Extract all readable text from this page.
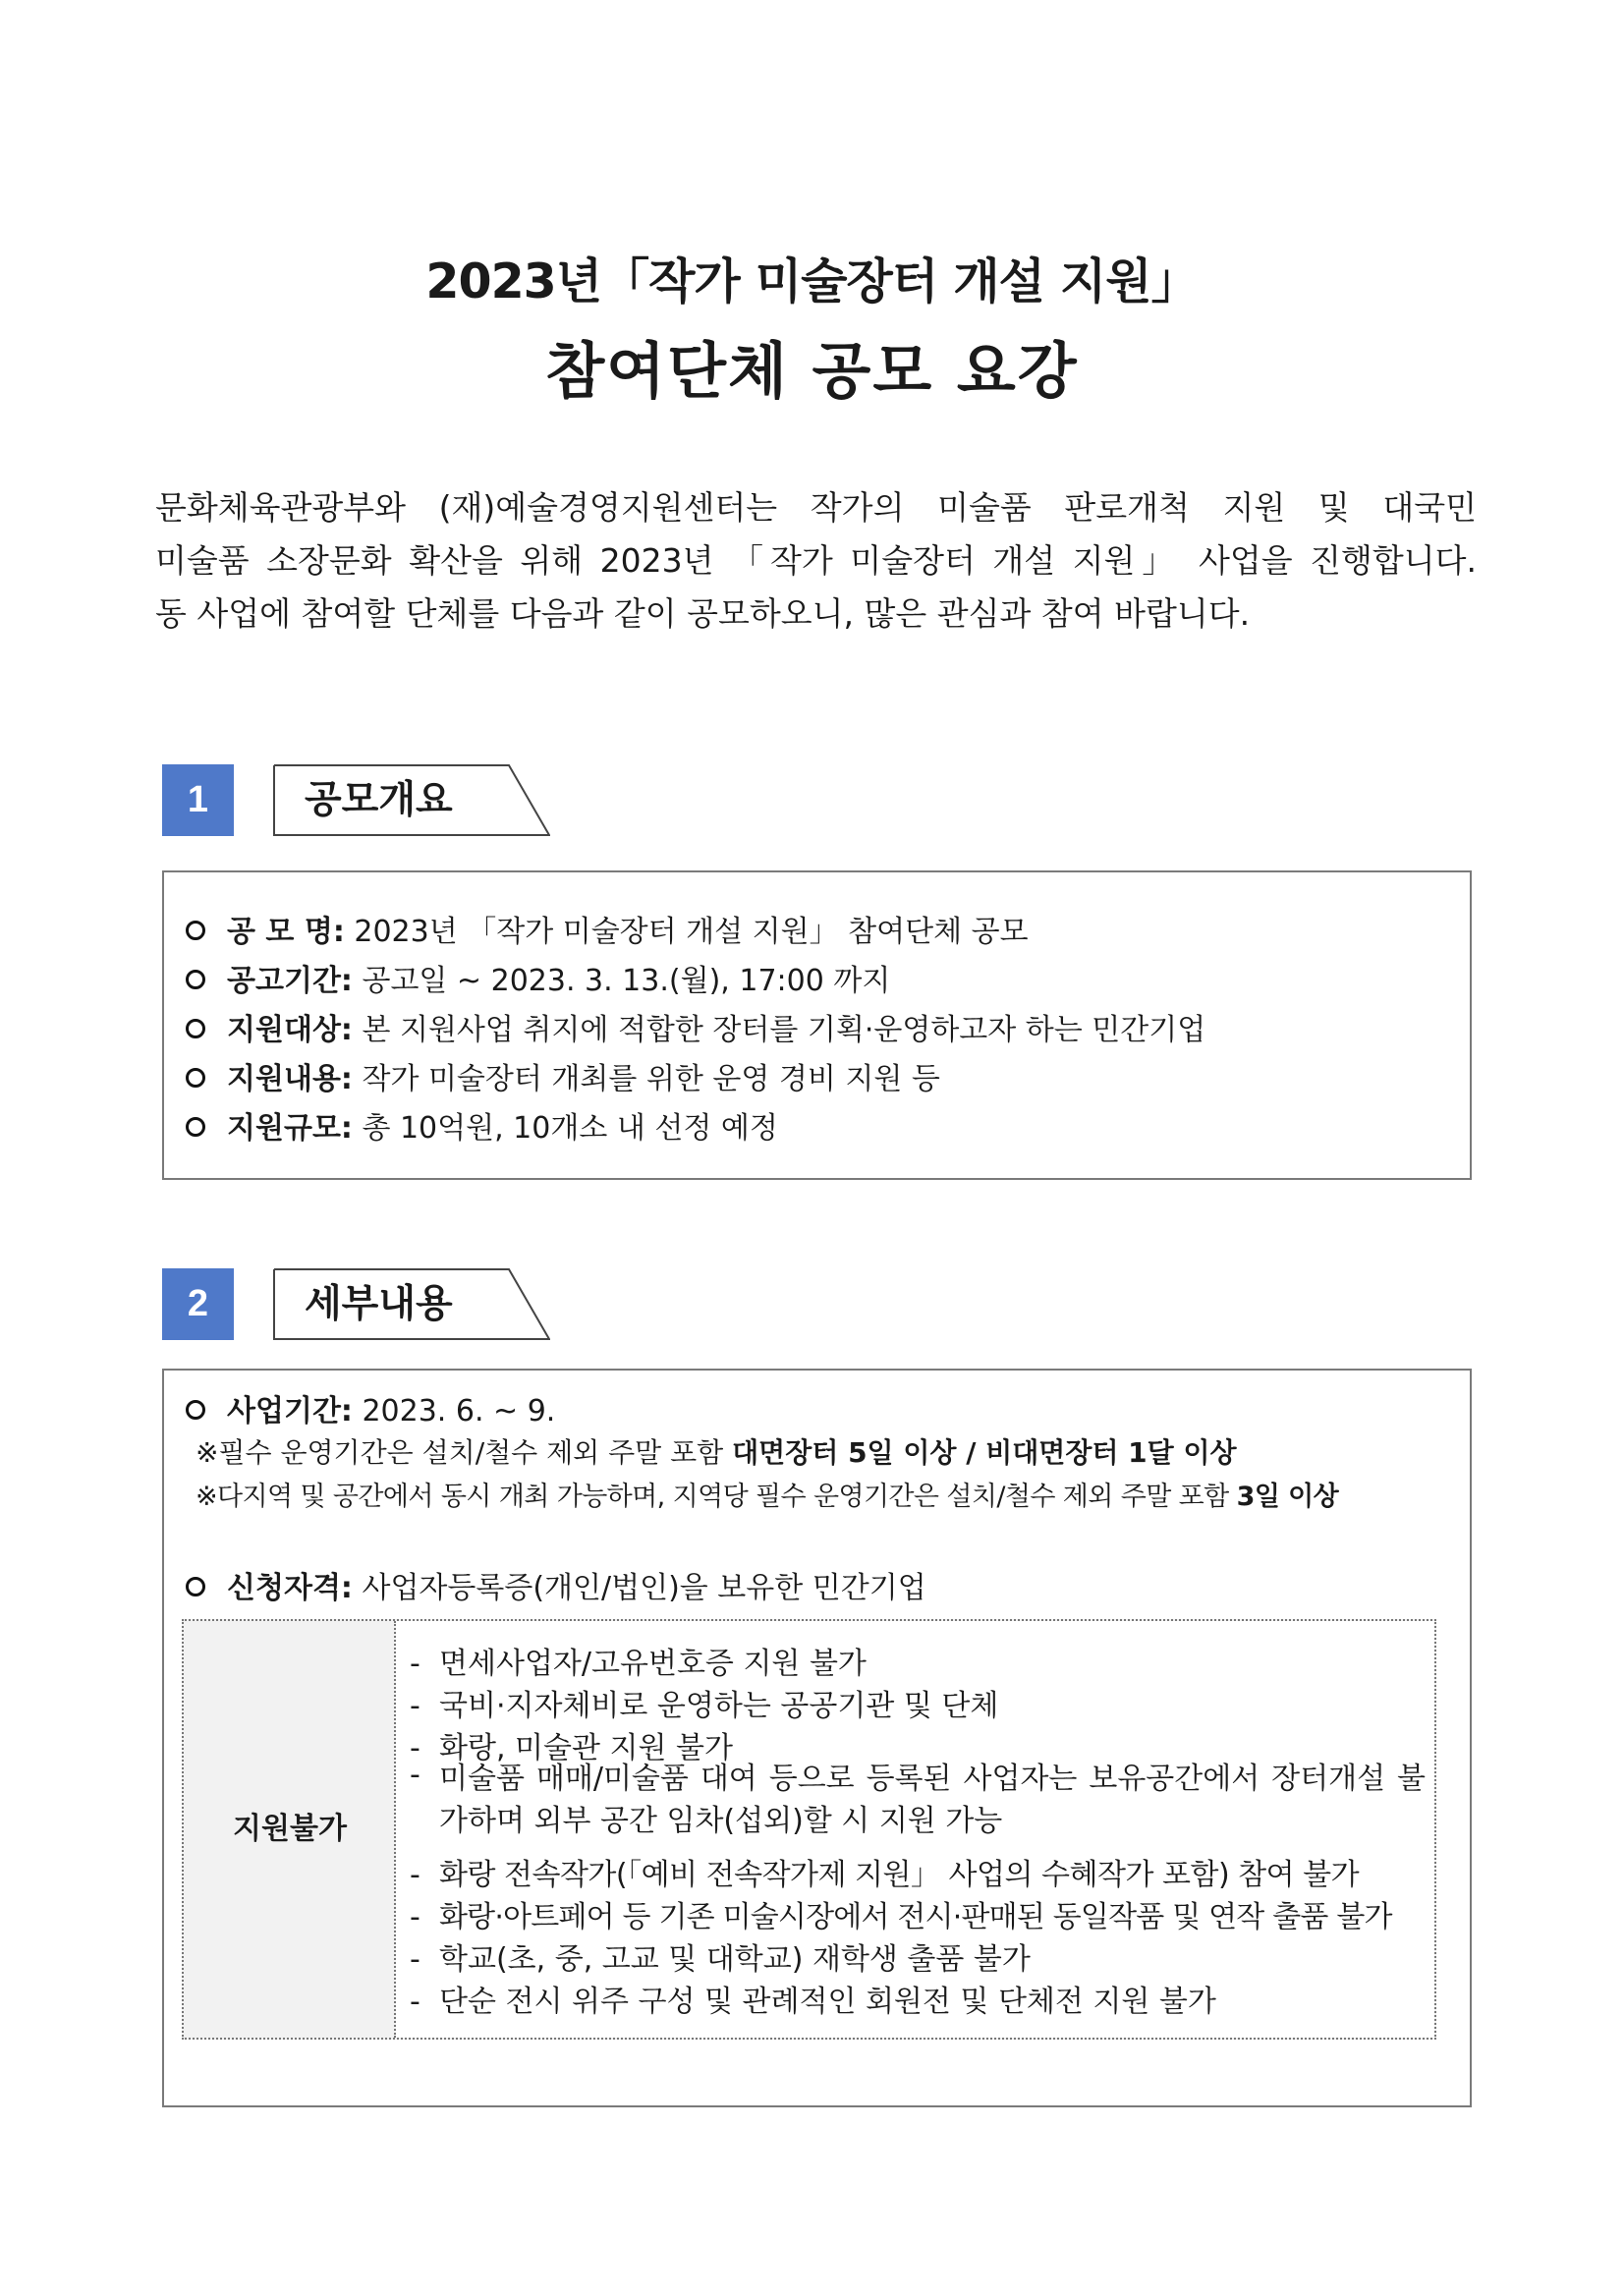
2023년「작가 미술장터 개설 지원」
참여단체 공모 요강
문화체육관광부와 (재)예술경영지원센터는 작가의 미술품 판로개척 지원 및 대국민
미술품 소장문화 확산을 위해 2023년 「작가 미술장터 개설 지원」 사업을 진행합니다.
동 사업에 참여할 단체를 다음과 같이 공모하오니, 많은 관심과 참여 바랍니다.
1	공모개요
공 모 명: 2023년 「작가 미술장터 개설 지원」 참여단체 공모
공고기간: 공고일 ~ 2023. 3. 13.(월), 17:00 까지
지원대상: 본 지원사업 취지에 적합한 장터를 기획·운영하고자 하는 민간기업
지원내용: 작가 미술장터 개최를 위한 운영 경비 지원 등
지원규모: 총 10억원, 10개소 내 선정 예정
2	세부내용
사업기간: 2023. 6. ~ 9.
※필수 운영기간은 설치/철수 제외 주말 포함 대면장터 5일 이상 / 비대면장터 1달 이상
※다지역 및 공간에서 동시 개최 가능하며, 지역당 필수 운영기간은 설치/철수 제외 주말 포함 3일 이상
신청자격: 사업자등록증(개인/법인)을 보유한 민간기업
지원불가
- 면세사업자/고유번호증 지원 불가
- 국비·지자체비로 운영하는 공공기관 및 단체
- 화랑, 미술관 지원 불가
- 미술품 매매/미술품 대여 등으로 등록된 사업자는 보유공간에서 장터개설 불가하며 외부 공간 임차(섭외)할 시 지원 가능
- 화랑 전속작가(「예비 전속작가제 지원」 사업의 수혜작가 포함) 참여 불가
- 화랑·아트페어 등 기존 미술시장에서 전시·판매된 동일작품 및 연작 출품 불가
- 학교(초, 중, 고교 및 대학교) 재학생 출품 불가
- 단순 전시 위주 구성 및 관례적인 회원전 및 단체전 지원 불가
